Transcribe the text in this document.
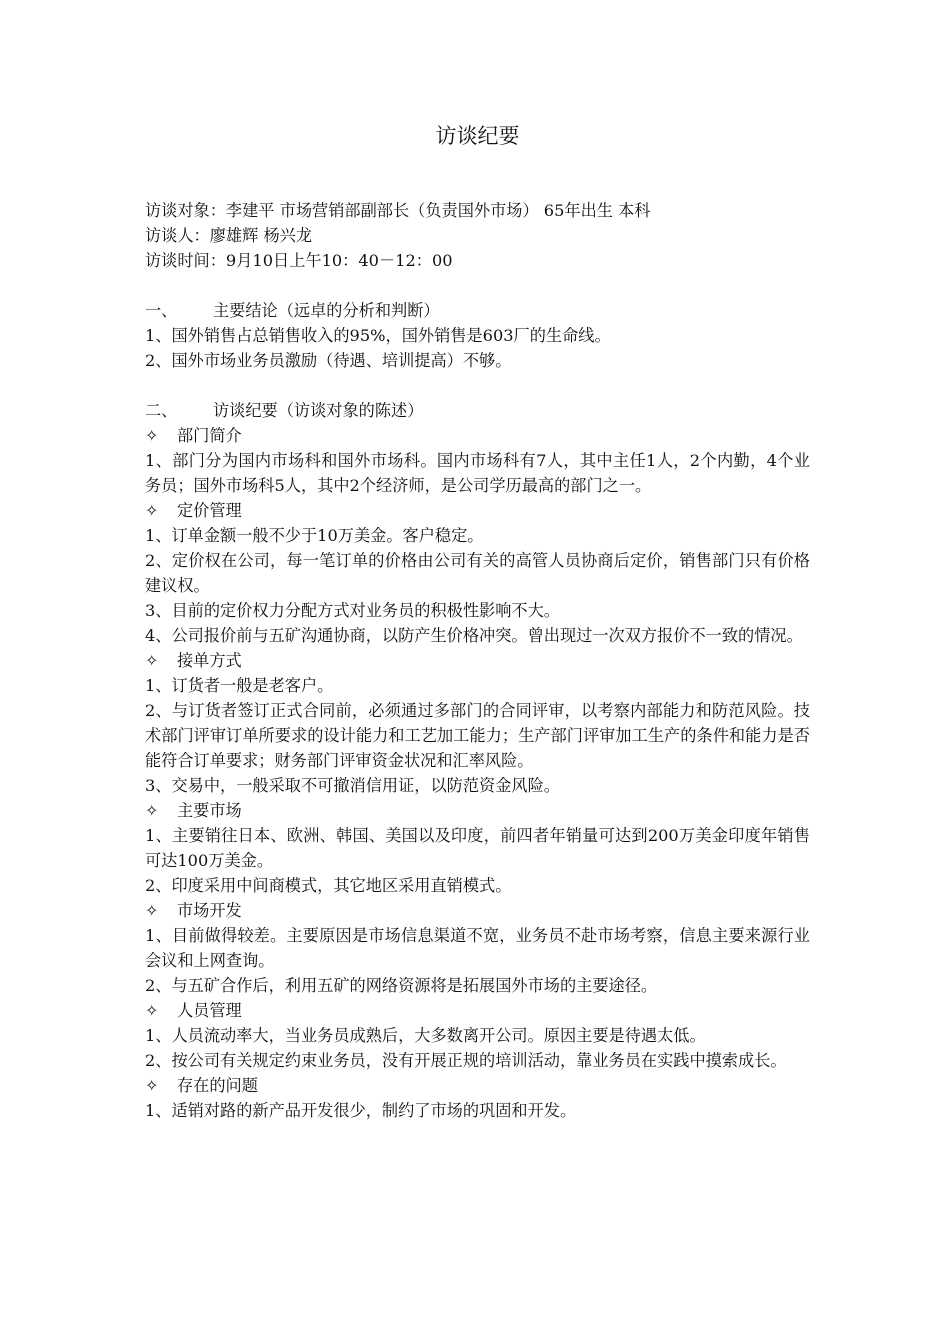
访谈纪要

访谈对象：李建平 市场营销部副部长（负责国外市场） 65年出生 本科

访谈人：廖雄辉 杨兴龙

访谈时间：9月10日上午10：40－12：00

一、 主要结论（远卓的分析和判断）

1、国外销售占总销售收入的95%，国外销售是603厂的生命线。

2、国外市场业务员激励（待遇、培训提高）不够。

二、 访谈纪要（访谈对象的陈述）

✧ 部门简介

1、部门分为国内市场科和国外市场科。国内市场科有7人，其中主任1人，2个内勤，4个业务员；国外市场科5人，其中2个经济师，是公司学历最高的部门之一。

✧ 定价管理

1、订单金额一般不少于10万美金。客户稳定。

2、定价权在公司，每一笔订单的价格由公司有关的高管人员协商后定价，销售部门只有价格建议权。

3、目前的定价权力分配方式对业务员的积极性影响不大。

4、公司报价前与五矿沟通协商，以防产生价格冲突。曾出现过一次双方报价不一致的情况。

✧ 接单方式

1、订货者一般是老客户。

2、与订货者签订正式合同前，必须通过多部门的合同评审，以考察内部能力和防范风险。技术部门评审订单所要求的设计能力和工艺加工能力；生产部门评审加工生产的条件和能力是否能符合订单要求；财务部门评审资金状况和汇率风险。

3、交易中，一般采取不可撤消信用证，以防范资金风险。

✧ 主要市场

1、主要销往日本、欧洲、韩国、美国以及印度，前四者年销量可达到200万美金印度年销售可达100万美金。

2、印度采用中间商模式，其它地区采用直销模式。

✧ 市场开发

1、目前做得较差。主要原因是市场信息渠道不宽，业务员不赴市场考察，信息主要来源行业会议和上网查询。

2、与五矿合作后，利用五矿的网络资源将是拓展国外市场的主要途径。

✧ 人员管理

1、人员流动率大，当业务员成熟后，大多数离开公司。原因主要是待遇太低。

2、按公司有关规定约束业务员，没有开展正规的培训活动，靠业务员在实践中摸索成长。

✧ 存在的问题

1、适销对路的新产品开发很少，制约了市场的巩固和开发。
